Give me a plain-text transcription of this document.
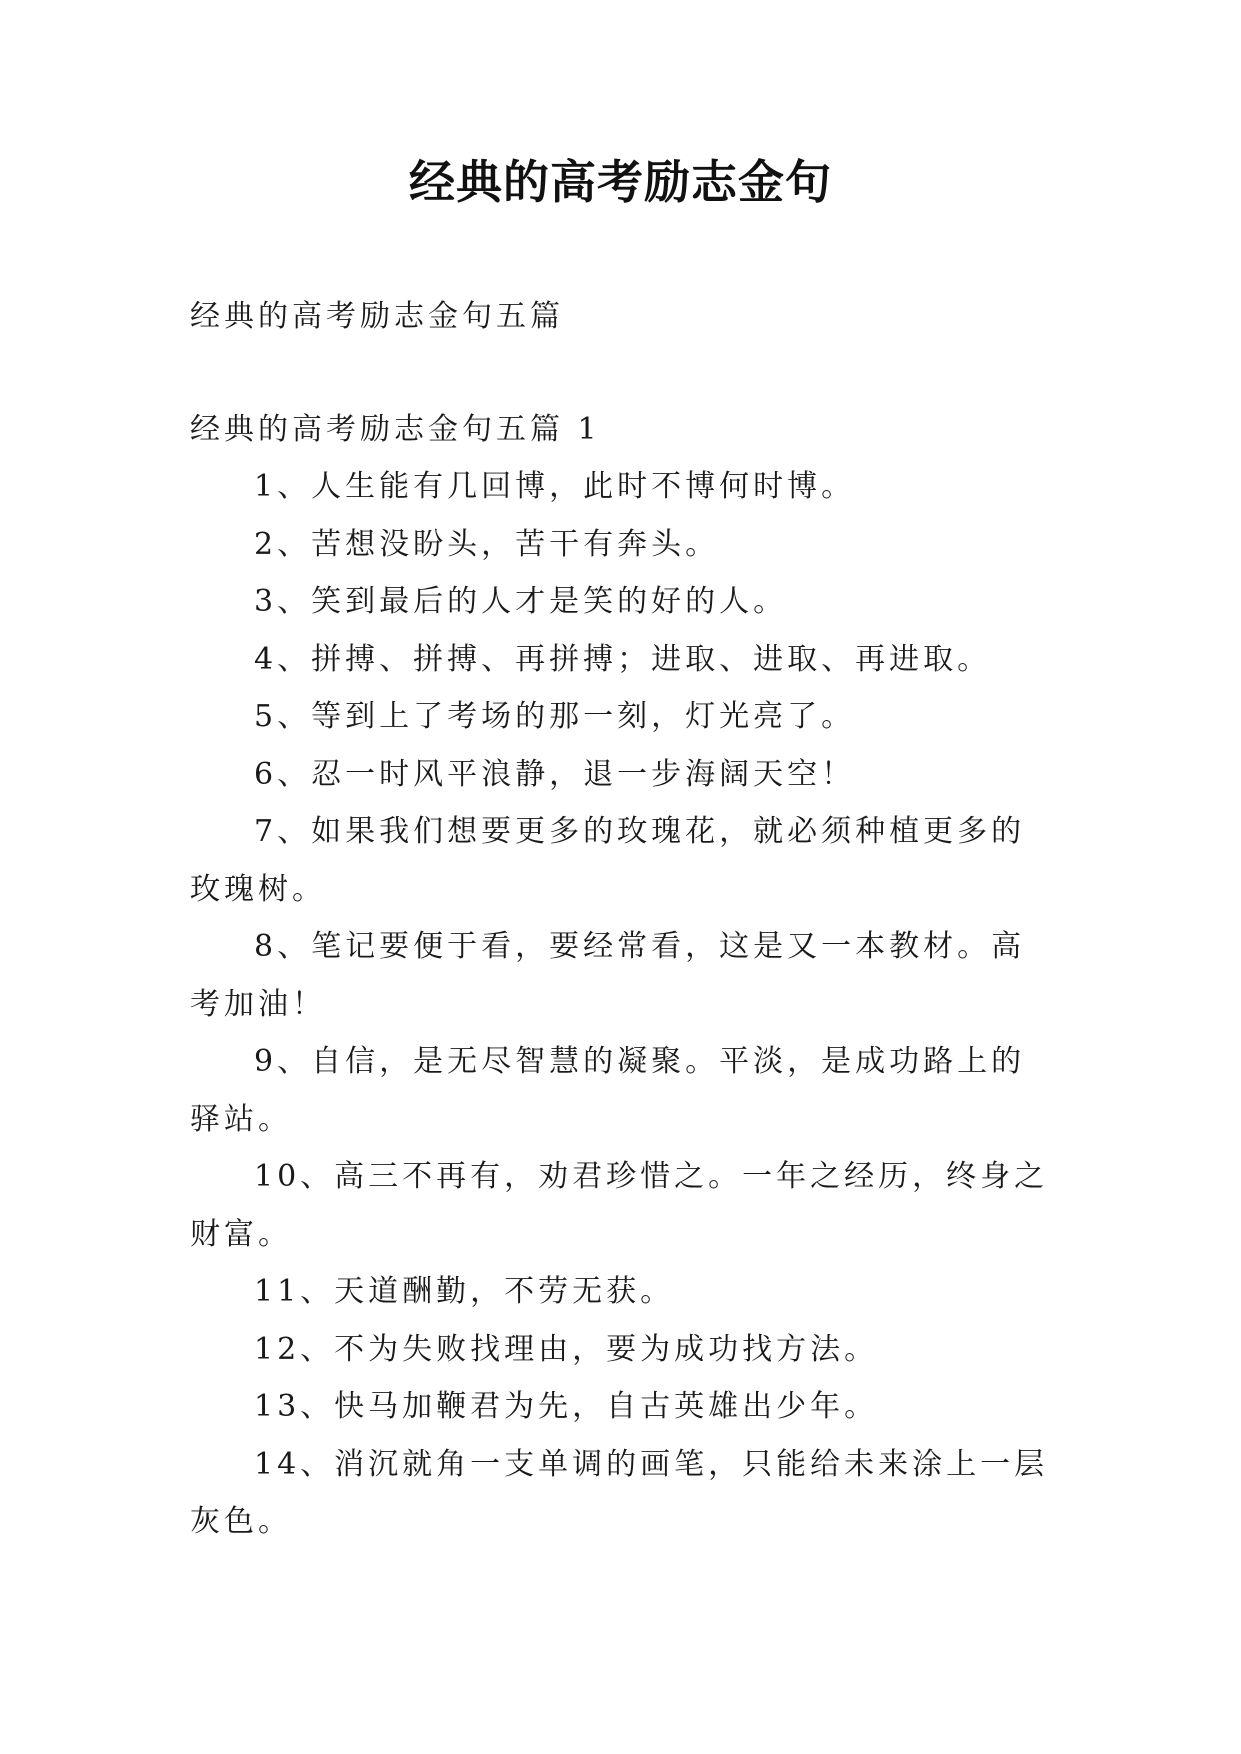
经典的高考励志金句

经典的高考励志金句五篇

经典的高考励志金句五篇 1

1、人生能有几回博，此时不博何时博。

2、苦想没盼头，苦干有奔头。

3、笑到最后的人才是笑的好的人。

4、拼搏、拼搏、再拼搏；进取、进取、再进取。

5、等到上了考场的那一刻，灯光亮了。

6、忍一时风平浪静，退一步海阔天空！

7、如果我们想要更多的玫瑰花，就必须种植更多的玫瑰树。

8、笔记要便于看，要经常看，这是又一本教材。高考加油！

9、自信，是无尽智慧的凝聚。平淡，是成功路上的驿站。

10、高三不再有，劝君珍惜之。一年之经历，终身之财富。

11、天道酬勤，不劳无获。

12、不为失败找理由，要为成功找方法。

13、快马加鞭君为先，自古英雄出少年。

14、消沉就角一支单调的画笔，只能给未来涂上一层灰色。
